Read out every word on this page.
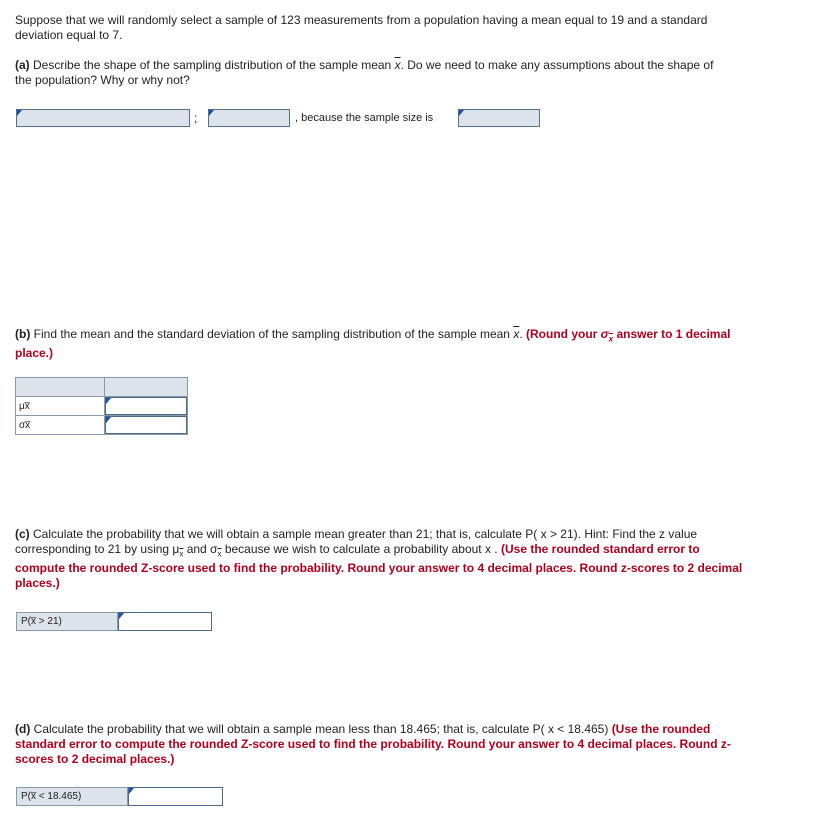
Suppose that we will randomly select a sample of 123 measurements from a population having a mean equal to 19 and a standard
deviation equal to 7.

(a) Describe the shape of the sampling distribution of the sample mean $\overline{x}$. Do we need to make any assumptions about the shape of
the population? Why or why not?

;	, because the sample size is

(b) Find the mean and the standard deviation of the sampling distribution of the sample mean $\overline{x}$. (Round your $\sigma_{\overline{x}}$ answer to 1 decimal
place.)

μx̅	

σx̅	

(c) Calculate the probability that we will obtain a sample mean greater than 21; that is, calculate P( x > 21). Hint: Find the z value
corresponding to 21 by using $\mu_{\overline{x}}$ and $\sigma_{\overline{x}}$ because we wish to calculate a probability about x . (Use the rounded standard error to
compute the rounded Z-score used to find the probability. Round your answer to 4 decimal places. Round z-scores to 2 decimal
places.)

P(x̅ > 21)

(d) Calculate the probability that we will obtain a sample mean less than 18.465; that is, calculate P( x < 18.465) (Use the rounded
standard error to compute the rounded Z-score used to find the probability. Round your answer to 4 decimal places. Round z-
scores to 2 decimal places.)

P(x̅ < 18.465)
